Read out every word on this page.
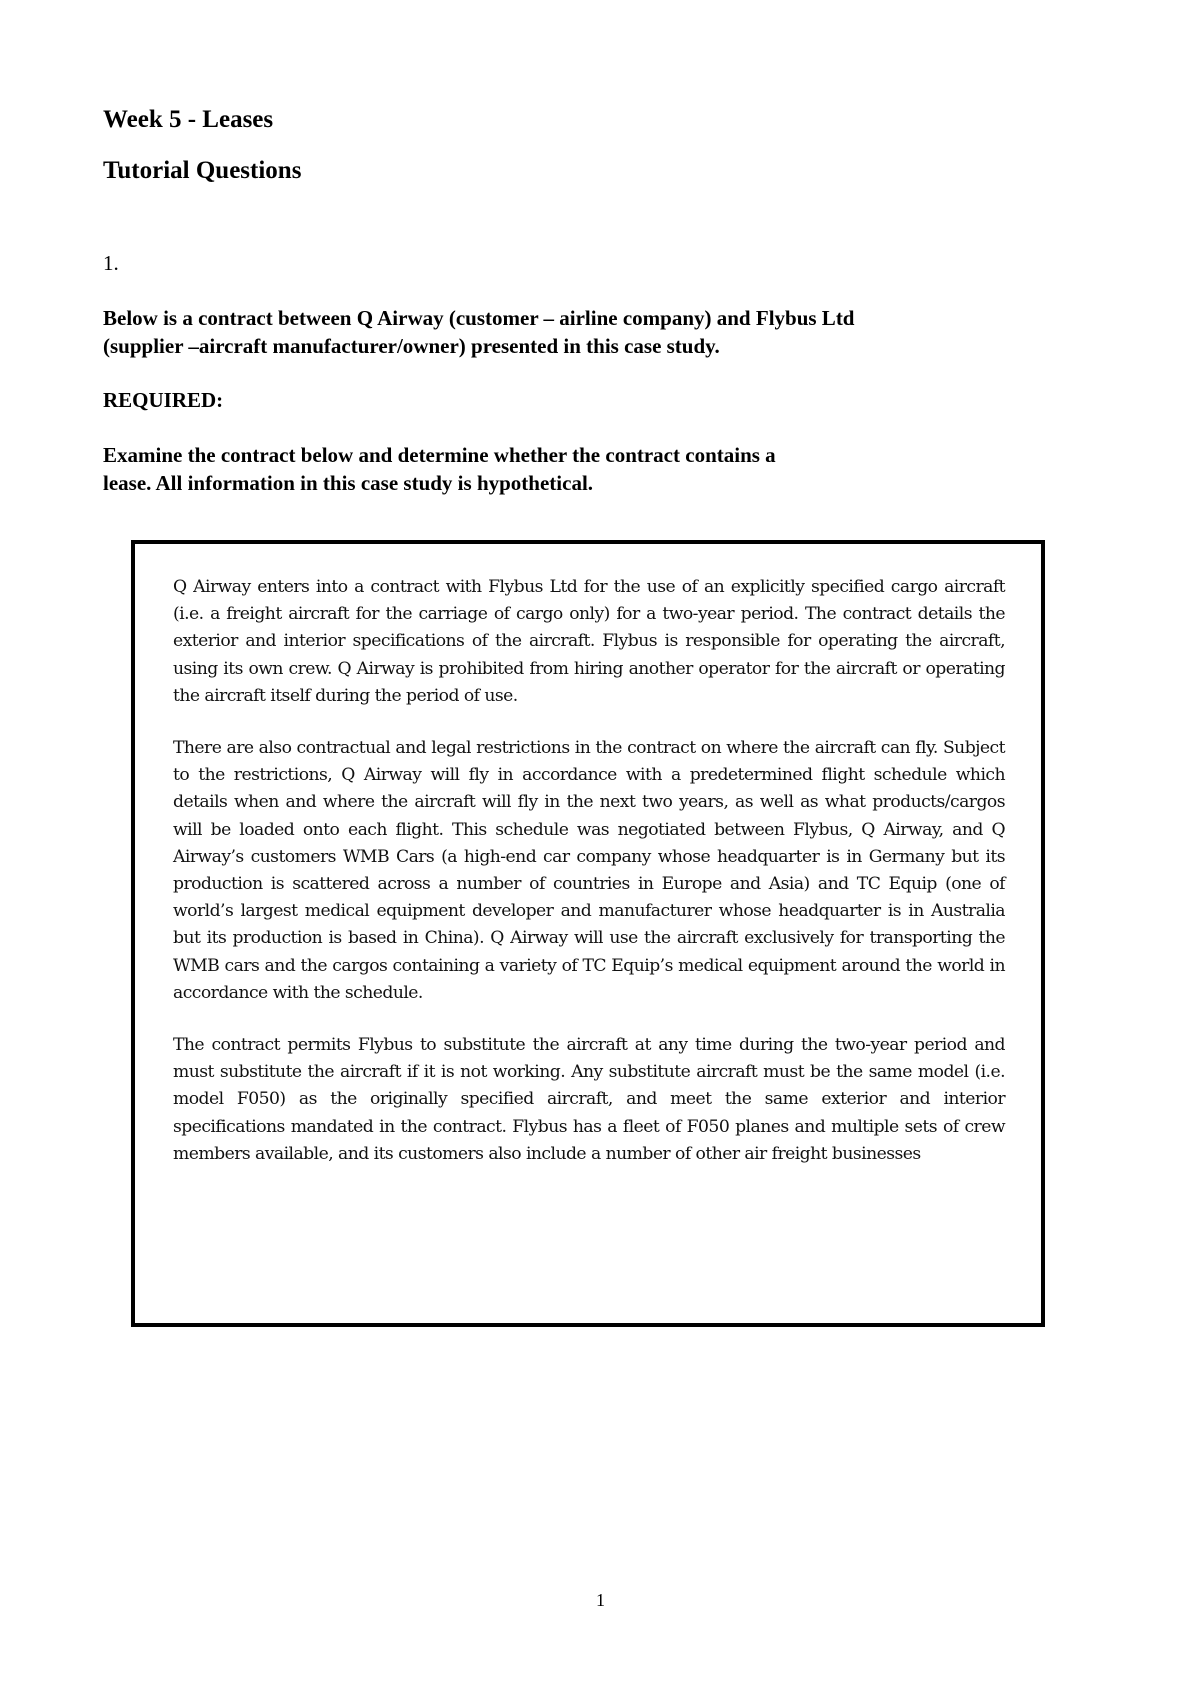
Week 5 - Leases
Tutorial Questions

1.

Below is a contract between Q Airway (customer – airline company) and Flybus Ltd

(supplier –aircraft manufacturer/owner) presented in this case study.

REQUIRED:

Examine the contract below and determine whether the contract contains a

lease. All information in this case study is hypothetical.

Q Airway enters into a contract with Flybus Ltd for the use of an explicitly specified cargo aircraft (i.e. a freight aircraft for the carriage of cargo only) for a two-year period. The contract details the exterior and interior specifications of the aircraft. Flybus is responsible for operating the aircraft, using its own crew. Q Airway is prohibited from hiring another operator for the aircraft or operating the aircraft itself during the period of use.

There are also contractual and legal restrictions in the contract on where the aircraft can fly. Subject to the restrictions, Q Airway will fly in accordance with a predetermined flight schedule which details when and where the aircraft will fly in the next two years, as well as what products/cargos will be loaded onto each flight. This schedule was negotiated between Flybus, Q Airway, and Q Airway’s customers WMB Cars (a high-end car company whose headquarter is in Germany but its production is scattered across a number of countries in Europe and Asia) and TC Equip (one of world’s largest medical equipment developer and manufacturer whose headquarter is in Australia but its production is based in China). Q Airway will use the aircraft exclusively for transporting the WMB cars and the cargos containing a variety of TC Equip’s medical equipment around the world in accordance with the schedule.

The contract permits Flybus to substitute the aircraft at any time during the two-year period and must substitute the aircraft if it is not working. Any substitute aircraft must be the same model (i.e. model F050) as the originally specified aircraft, and meet the same exterior and interior specifications mandated in the contract. Flybus has a fleet of F050 planes and multiple sets of crew members available, and its customers also include a number of other air freight businesses

1
